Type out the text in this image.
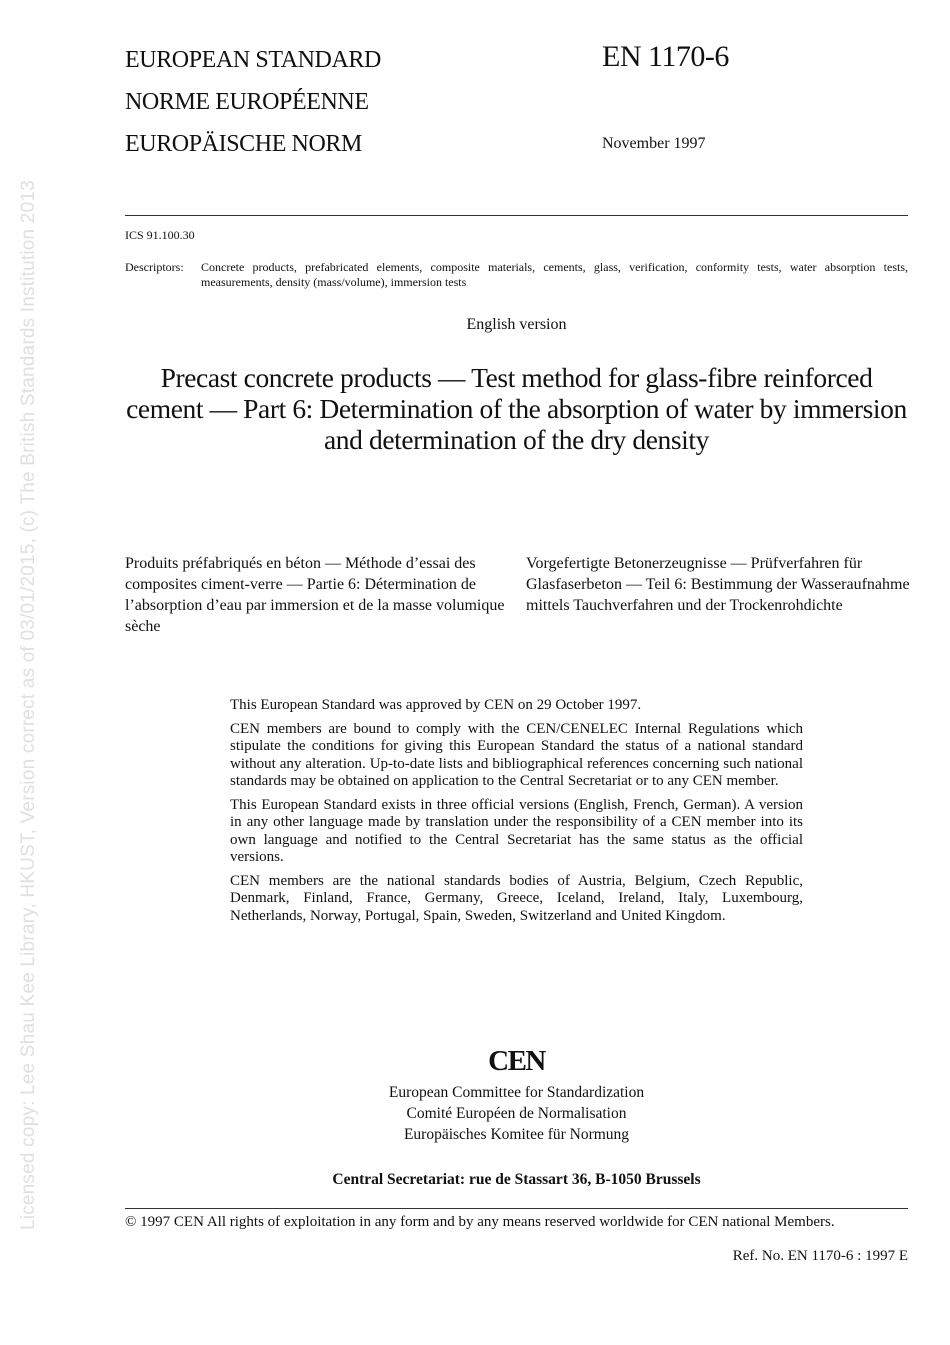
Licensed copy: Lee Shau Kee Library, HKUST, Version correct as of 03/01/2015, (c) The British Standards Institution 2013
EUROPEAN STANDARD
NORME EUROPÉENNE
EUROPÄISCHE NORM
EN 1170-6
November 1997
ICS 91.100.30
Descriptors: Concrete products, prefabricated elements, composite materials, cements, glass, verification, conformity tests, water absorption tests, measurements, density (mass/volume), immersion tests
English version
Precast concrete products — Test method for glass-fibre reinforced cement — Part 6: Determination of the absorption of water by immersion and determination of the dry density
Produits préfabriqués en béton — Méthode d’essai des composites ciment-verre — Partie 6: Détermination de l’absorption d’eau par immersion et de la masse volumique sèche
Vorgefertigte Betonerzeugnisse — Prüfverfahren für Glasfaserbeton — Teil 6: Bestimmung der Wasseraufnahme mittels Tauchverfahren und der Trockenrohdichte

This European Standard was approved by CEN on 29 October 1997.

CEN members are bound to comply with the CEN/CENELEC Internal Regulations which stipulate the conditions for giving this European Standard the status of a national standard without any alteration. Up-to-date lists and bibliographical references concerning such national standards may be obtained on application to the Central Secretariat or to any CEN member.

This European Standard exists in three official versions (English, French, German). A version in any other language made by translation under the responsibility of a CEN member into its own language and notified to the Central Secretariat has the same status as the official versions.

CEN members are the national standards bodies of Austria, Belgium, Czech Republic, Denmark, Finland, France, Germany, Greece, Iceland, Ireland, Italy, Luxembourg, Netherlands, Norway, Portugal, Spain, Sweden, Switzerland and United Kingdom.

CEN
European Committee for Standardization
Comité Européen de Normalisation
Europäisches Komitee für Normung
Central Secretariat: rue de Stassart 36, B-1050 Brussels
© 1997 CEN All rights of exploitation in any form and by any means reserved worldwide for CEN national Members.
Ref. No. EN 1170-6 : 1997 E
